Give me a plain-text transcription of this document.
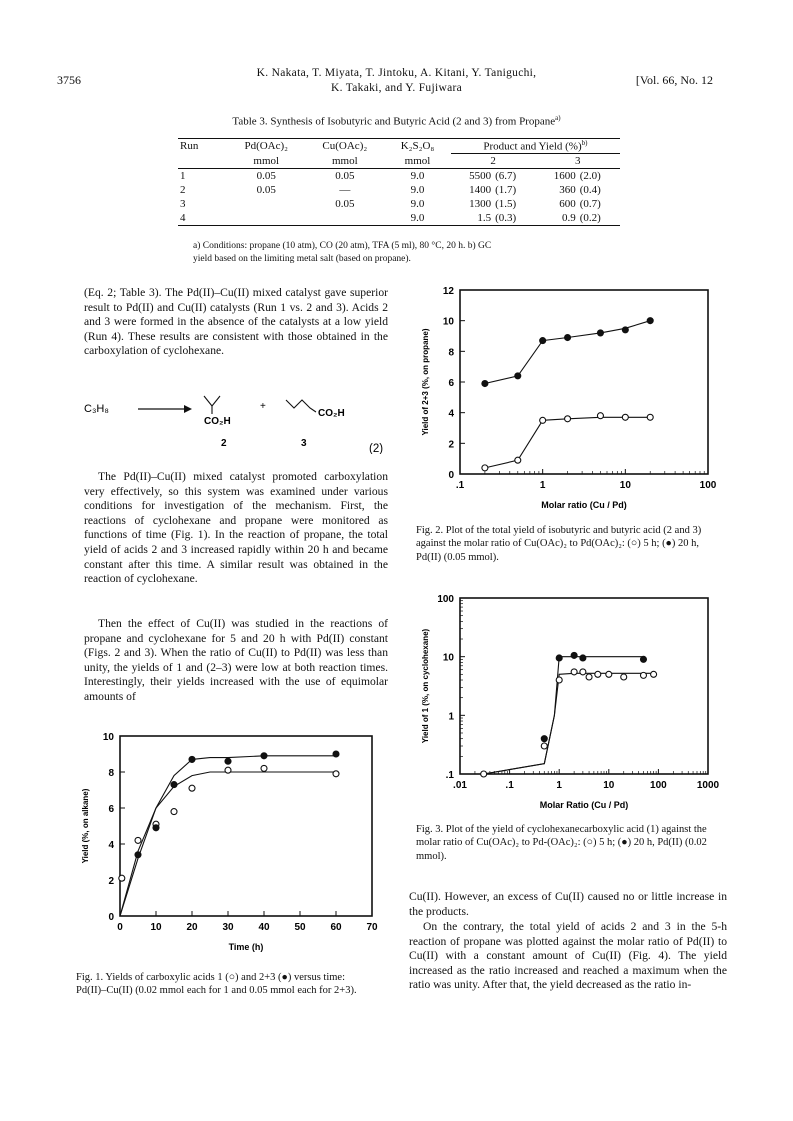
3756	K. Nakata, T. Miyata, T. Jintoku, A. Kitani, Y. Taniguchi,
K. Takaki, and Y. Fujiwara
[Vol. 66, No. 12
Table 3. Synthesis of Isobutyric and Butyric Acid (2 and 3) from Propane$^{a)}$
Run	Pd(OAc)₂	Cu(OAc)₂	K₂S₂O₈	Product and Yield (%)$^{b)}$
	mmol	mmol	mmol	2		3	
1	0.05	0.05	9.0	5500	(6.7)	1600	(2.0)
2	0.05	—	9.0	1400	(1.7)	360	(0.4)
3		0.05	9.0	1300	(1.5)	600	(0.7)
4			9.0	1.5	(0.3)	0.9	(0.2)
a) Conditions: propane (10 atm), CO (20 atm), TFA (5 ml), 80 °C, 20 h. b) GC
yield based on the limiting metal salt (based on propane).

(Eq. 2; Table 3). The Pd(II)–Cu(II) mixed catalyst gave superior result to Pd(II) and Cu(II) catalysts (Run 1 vs. 2 and 3). Acids 2 and 3 were formed in the absence of the catalysts at a low yield (Run 4). These results are consistent with those obtained in the carboxylation of cyclohexane.

C₃H₈
CO₂H
+
CO₂H
2	3	(2)

The Pd(II)–Cu(II) mixed catalyst promoted carboxylation very effectively, so this system was examined under various conditions for investigation of the mechanism. First, the reactions of cyclohexane and propane were monitored as functions of time (Fig. 1). In the reaction of propane, the total yield of acids 2 and 3 increased rapidly within 20 h and became constant after this time. A similar result was obtained in the reaction of cyclohexane.

Then the effect of Cu(II) was studied in the reactions of propane and cyclohexane for 5 and 20 h with Pd(II) constant (Figs. 2 and 3). When the ratio of Cu(II) to Pd(II) was less than unity, the yields of 1 and (2–3) were low at both reaction times. Interestingly, their yields increased with the use of equimolar amounts of

0	10 20 30 40 50 60 70
0
2
4
6
8
10
Time (h)
Yield (%, on alkane)
Fig. 1. Yields of carboxylic acids 1 (○) and 2+3 (●) versus time: Pd(II)–Cu(II) (0.02 mmol each for 1 and 0.05 mmol each for 2+3).
.1	1	10	100
0
2
4
6
8
10
12
Molar ratio (Cu / Pd)
Yield of 2+3 (%, on propane)
Fig. 2. Plot of the total yield of isobutyric and butyric acid (2 and 3) against the molar ratio of Cu(OAc)₂ to Pd(OAc)₂: (○) 5 h; (●) 20 h, Pd(II) (0.05 mmol).
.01	.1	1	10	100	1000
.1
1
10
100
Molar Ratio (Cu / Pd)
Yield of 1 (%, on cyclohexane)
Fig. 3. Plot of the yield of cyclohexanecarboxylic acid (1) against the molar ratio of Cu(OAc)₂ to Pd-(OAc)₂: (○) 5 h; (●) 20 h, Pd(II) (0.02 mmol).

Cu(II). However, an excess of Cu(II) caused no or little increase in the products.

On the contrary, the total yield of acids 2 and 3 in the 5-h reaction of propane was plotted against the molar ratio of Pd(II) to Cu(II) with a constant amount of Cu(II) (Fig. 4). The yield increased as the ratio increased and reached a maximum when the ratio was unity. After that, the yield decreased as the ratio in-
